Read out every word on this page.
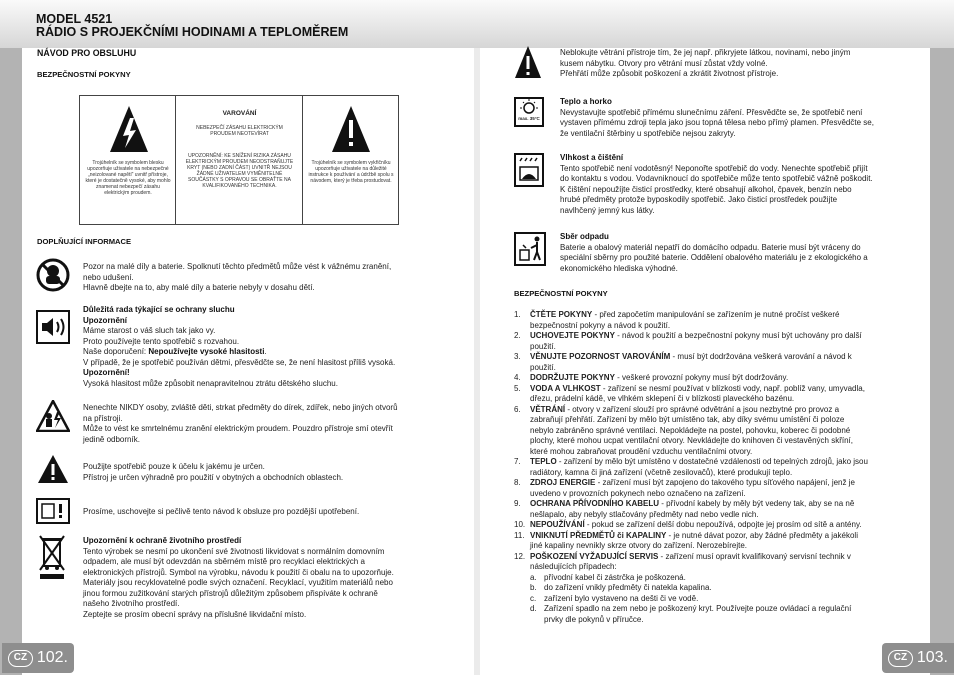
MODEL 4521
RÁDIO S PROJEKČNÍMI HODINAMI A TEPLOMĚREM
NÁVOD PRO OBSLUHU
BEZPEČNOSTNÍ POKYNY
Trojúhelník se symbolem blesku upozorňuje uživatele na nebezpečné „neizolované napětí“ uvnitř přístroje, které je dostatečně vysoké, aby mohlo znamenat nebezpečí zásahu elektrickým proudem.
VAROVÁNÍ
NEBEZPEČÍ ZÁSAHU ELEKTRICKÝM PROUDEM NEOTEVÍRAT
UPOZORNĚNÍ: KE SNÍŽENÍ RIZIKA ZÁSAHU ELEKTRICKÝM PROUDEM NEODSTRAŇUJTE KRYT (NEBO ZADNÍ ČÁST) UVNITŘ NEJSOU ŽÁDNÉ UŽIVATELEM VYMĚNITELNÉ SOUČÁSTKY S OPRAVOU SE OBRAŤTE NA KVALIFIKOVANÉHO TECHNIKA.
Trojúhelník se symbolem vykřičníku upozorňuje uživatele na důležité instrukce k používání a údržbě spolu s návodem, který je třeba prostudovat.
DOPLŇUJÍCÍ INFORMACE
Pozor na malé díly a baterie. Spolknutí těchto předmětů může vést k vážnému zranění,
nebo udušení.
Hlavně dbejte na to, aby malé díly a baterie nebyly v dosahu dětí.
Důležitá rada týkající se ochrany sluchu
Upozornění
Máme starost o váš sluch tak jako vy.
Proto používejte tento spotřebič s rozvahou.
Naše doporučení: Nepoužívejte vysoké hlasitosti.
V případě, že je spotřebič používán dětmi, přesvědčte se, že není hlasitost příliš vysoká.
Upozornění!
Vysoká hlasitost může způsobit nenapravitelnou ztrátu dětského sluchu.
Nenechte NIKDY osoby, zvláště děti, strkat předměty do dírek, zdířek, nebo jiných otvorů
na přístroji.
Může to vést ke smrtelnému zranění elektrickým proudem. Pouzdro přístroje smí otevřít
jedině odborník.
Použijte spotřebič pouze k účelu k jakému je určen.
Přístroj je určen výhradně pro použití v obytných a obchodních oblastech.
Prosíme, uschovejte si pečlivě tento návod k obsluze pro pozdější upotřebení.
Upozornění k ochraně životního prostředí
Tento výrobek se nesmí po ukončení své životnosti likvidovat s normálním domovním
odpadem, ale musí být odevzdán na sběrném místě pro recyklaci elektrických a
elektronických přístrojů. Symbol na výrobku, návodu k použití či obalu na to upozorňuje.
Materiály jsou recyklovatelné podle svých označení. Recyklací, využitím materiálů nebo
jinou formou zužitkování starých přístrojů důležitým způsobem přispíváte k ochraně
našeho životního prostředí.
Zeptejte se prosím obecní správy na příslušné likvidační místo.
CZ 102.
Neblokujte větrání přístroje tím, že jej např. přikryjete látkou, novinami, nebo jiným
kusem nábytku. Otvory pro větrání musí zůstat vždy volné.
Přehřátí může způsobit poškození a zkrátit životnost přístroje.
max. 35°C
Teplo a horko
Nevystavujte spotřebič přímému slunečnímu záření. Přesvědčte se, že spotřebič není
vystaven přímému zdroji tepla jako jsou topná tělesa nebo přímý plamen. Přesvědčte se,
že ventilační štěrbiny u spotřebiče nejsou zakryty.
Vlhkost a čištění
Tento spotřebič není vodotěsný! Neponořte spotřebič do vody. Nenechte spotřebič přijít
do kontaktu s vodou. Vodavniknoucí do spotřebiče může tento spotřebič vážně poškodit.
K čištění nepoužíjte čisticí prostředky, které obsahují alkohol, čpavek, benzín nebo
hrubé předměty protože byposkodily spotřebič. Jako čisticí prostředek použijte
navlhčený jemný kus látky.
Sběr odpadu
Baterie a obalový materiál nepatří do domácího odpadu. Baterie musí být vráceny do
speciální sběrny pro použité baterie. Oddělení obalového materiálu je z ekologického a
ekonomického hlediska výhodné.
BEZPEČNOSTNÍ POKYNY
1. ČTĚTE POKYNY - před započetím manipulování se zařízením je nutné pročíst veškeré
bezpečnostní pokyny a návod k použití.
2. UCHOVEJTE POKYNY - návod k použití a bezpečnostní pokyny musí být uchovány pro další
použití.
3. VĚNUJTE POZORNOST VAROVÁNÍM - musí být dodržována veškerá varování a návod k
použití.
4. DODRŽUJTE POKYNY - veškeré provozní pokyny musí být dodržovány.
5. VODA A VLHKOST - zařízení se nesmí používat v blízkosti vody, např. poblíž vany, umyvadla,
dřezu, prádelní kádě, ve vlhkém sklepení či v blízkosti plaveckého bazénu.
6. VĚTRÁNÍ - otvory v zařízení slouží pro správné odvětrání a jsou nezbytné pro provoz a
zabraňují přehřátí. Zařízení by mělo být umístěno tak, aby díky svému umístění či poloze
nebylo zabráněno správné ventilaci. Nepokládejte na postel, pohovku, koberec či podobné
plochy, které mohou ucpat ventilační otvory. Nevkládejte do knihoven či vestavěných skříní,
které mohou zabraňovat proudění vzduchu ventilačními otvory.
7. TEPLO - zařízení by mělo být umístěno v dostatečné vzdálenosti od tepelných zdrojů, jako jsou
radiátory, kamna či jiná zařízení (včetně zesilovačů), které produkují teplo.
8. ZDROJ ENERGIE - zařízení musí být zapojeno do takového typu síťového napájení, jenž je
uvedeno v provozních pokynech nebo označeno na zařízení.
9. OCHRANA PŘÍVODNÍHO KABELU - přívodní kabely by měly být vedeny tak, aby se na ně
nešlapalo, aby nebyly stlačovány předměty nad nebo vedle nich.
10. NEPOUŽÍVÁNÍ - pokud se zařízení delší dobu nepoužívá, odpojte jej prosím od sítě a antény.
11. VNIKNUTÍ PŘEDMĚTŮ či KAPALINY - je nutné dávat pozor, aby žádné předměty a jakékoli
jiné kapaliny nevnikly skrze otvory do zařízení. Nerozebírejte.
12. POŠKOZENÍ VYŽADUJÍCÍ SERVIS - zařízení musí opravit kvalifikovaný servisní technik v
následujících případech:
a. přívodní kabel či zástrčka je poškozená.
b. do zařízení vnikly předměty či natekla kapalina.
c. zařízení bylo vystaveno na dešti či ve vodě.
d. Zařízení spadlo na zem nebo je poškozený kryt. Používejte pouze ovládací a regulační
prvky dle pokynů v příručce.
CZ 103.
